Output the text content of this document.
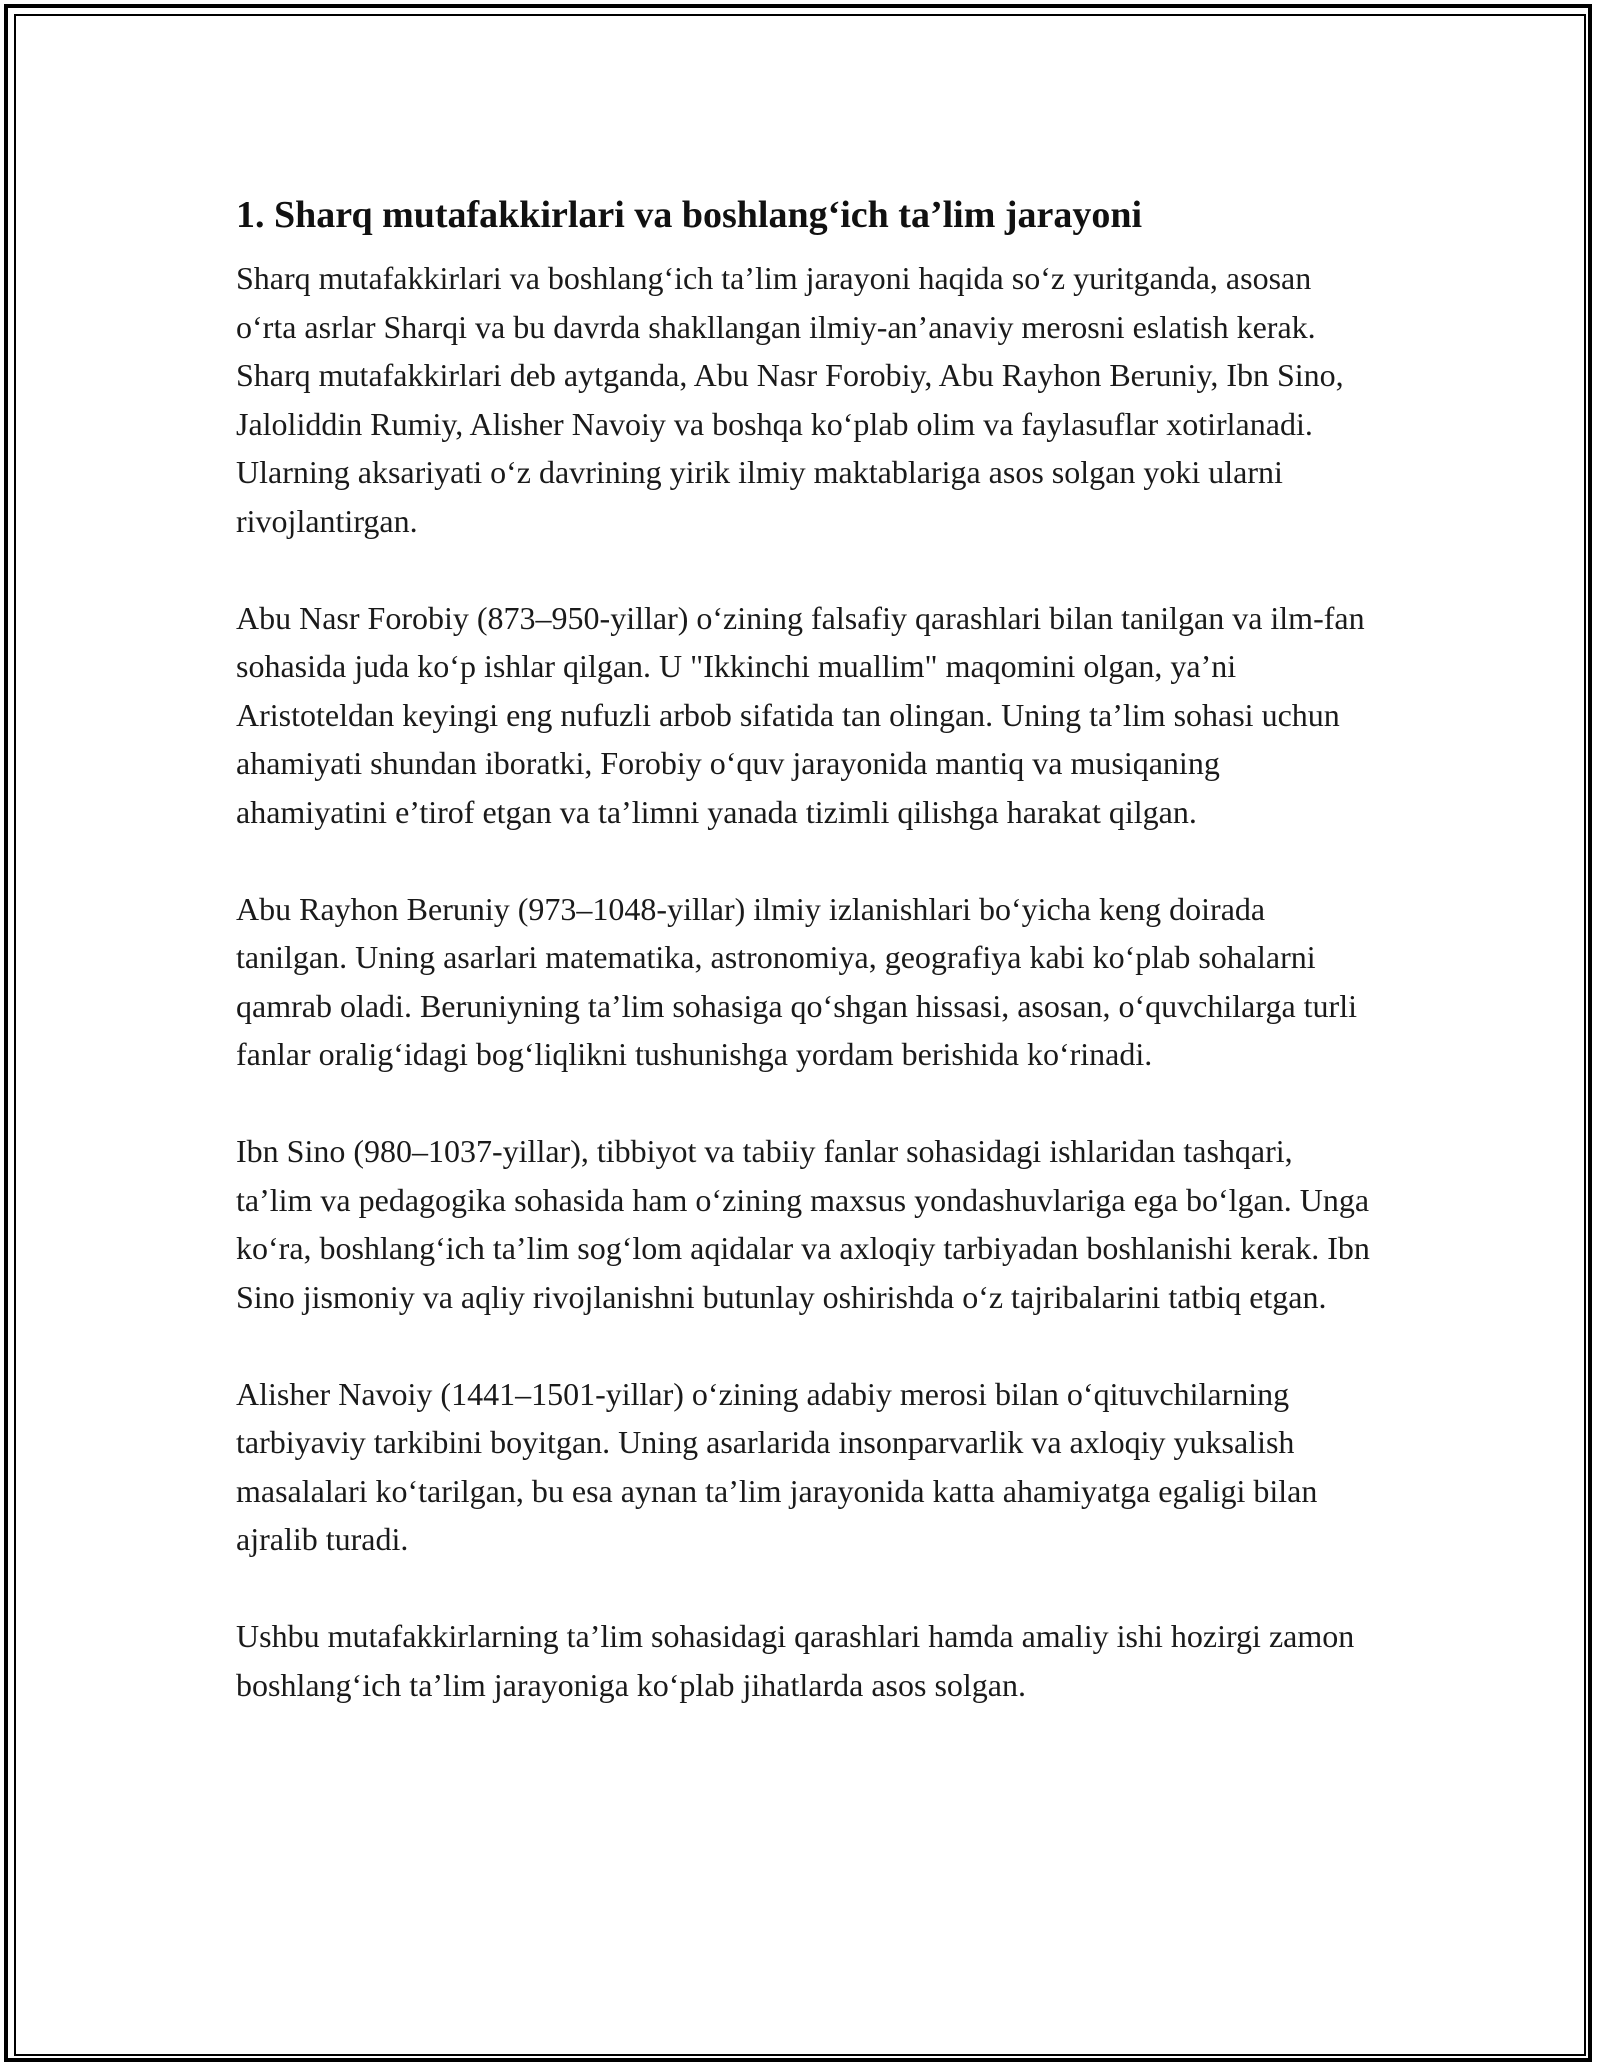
1. Sharq mutafakkirlari va boshlang‘ich ta’lim jarayoni

Sharq mutafakkirlari va boshlang‘ich ta’lim jarayoni haqida so‘z yuritganda, asosan o‘rta asrlar Sharqi va bu davrda shakllangan ilmiy-an’anaviy merosni eslatish kerak. Sharq mutafakkirlari deb aytganda, Abu Nasr Forobiy, Abu Rayhon Beruniy, Ibn Sino, Jaloliddin Rumiy, Alisher Navoiy va boshqa ko‘plab olim va faylasuflar xotirlanadi. Ularning aksariyati o‘z davrining yirik ilmiy maktablariga asos solgan yoki ularni rivojlantirgan.

Abu Nasr Forobiy (873–950-yillar) o‘zining falsafiy qarashlari bilan tanilgan va ilm-fan sohasida juda ko‘p ishlar qilgan. U "Ikkinchi muallim" maqomini olgan, ya’ni Aristoteldan keyingi eng nufuzli arbob sifatida tan olingan. Uning ta’lim sohasi uchun ahamiyati shundan iboratki, Forobiy o‘quv jarayonida mantiq va musiqaning ahamiyatini e’tirof etgan va ta’limni yanada tizimli qilishga harakat qilgan.

Abu Rayhon Beruniy (973–1048-yillar) ilmiy izlanishlari bo‘yicha keng doirada tanilgan. Uning asarlari matematika, astronomiya, geografiya kabi ko‘plab sohalarni qamrab oladi. Beruniyning ta’lim sohasiga qo‘shgan hissasi, asosan, o‘quvchilarga turli fanlar oralig‘idagi bog‘liqlikni tushunishga yordam berishida ko‘rinadi.

Ibn Sino (980–1037-yillar), tibbiyot va tabiiy fanlar sohasidagi ishlaridan tashqari, ta’lim va pedagogika sohasida ham o‘zining maxsus yondashuvlariga ega bo‘lgan. Unga ko‘ra, boshlang‘ich ta’lim sog‘lom aqidalar va axloqiy tarbiyadan boshlanishi kerak. Ibn Sino jismoniy va aqliy rivojlanishni butunlay oshirishda o‘z tajribalarini tatbiq etgan.

Alisher Navoiy (1441–1501-yillar) o‘zining adabiy merosi bilan o‘qituvchilarning tarbiyaviy tarkibini boyitgan. Uning asarlarida insonparvarlik va axloqiy yuksalish masalalari ko‘tarilgan, bu esa aynan ta’lim jarayonida katta ahamiyatga egaligi bilan ajralib turadi.

Ushbu mutafakkirlarning ta’lim sohasidagi qarashlari hamda amaliy ishi hozirgi zamon boshlang‘ich ta’lim jarayoniga ko‘plab jihatlarda asos solgan.
